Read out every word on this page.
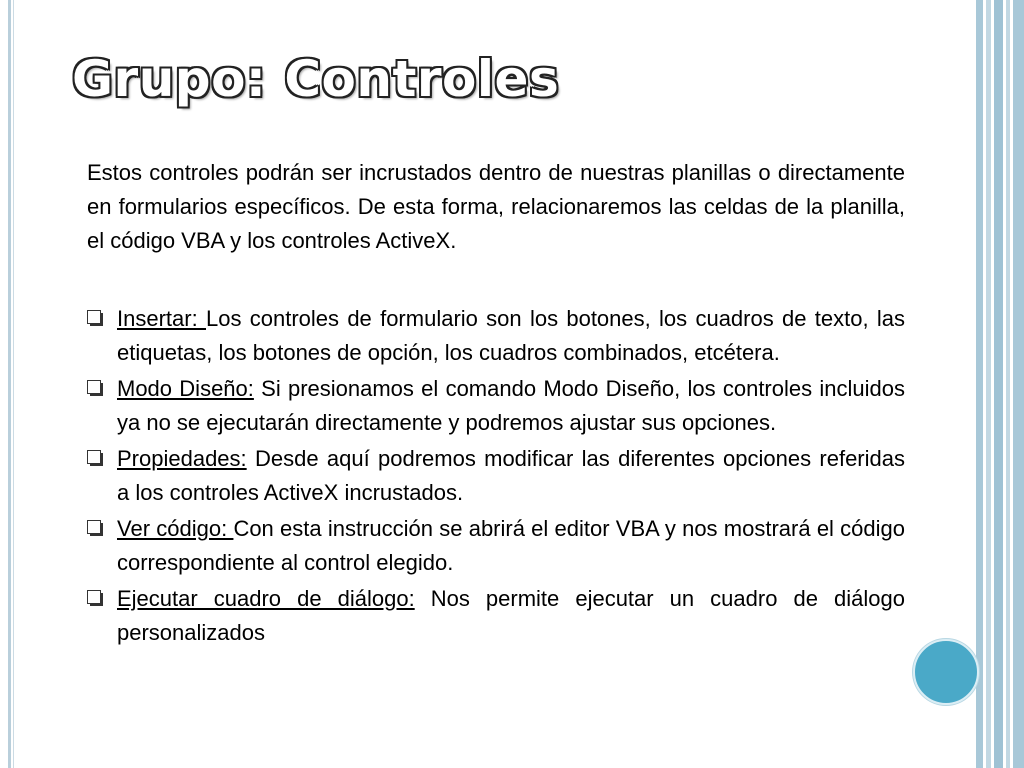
Grupo: Controles

Estos controles podrán ser incrustados dentro de nuestras planillas o directamente en formularios específicos. De esta forma, relacionaremos las celdas de la planilla, el código VBA y los controles ActiveX.

Insertar: Los controles de formulario son los botones, los cuadros de texto, las etiquetas, los botones de opción, los cuadros combinados, etcétera.
Modo Diseño: Si presionamos el comando Modo Diseño, los controles incluidos ya no se ejecutarán directamente y podremos ajustar sus opciones.
Propiedades: Desde aquí podremos modificar las diferentes opciones referidas a los controles ActiveX incrustados.
Ver código: Con esta instrucción se abrirá el editor VBA y nos mostrará el código correspondiente al control elegido.
Ejecutar cuadro de diálogo: Nos permite ejecutar un cuadro de diálogo personalizados
